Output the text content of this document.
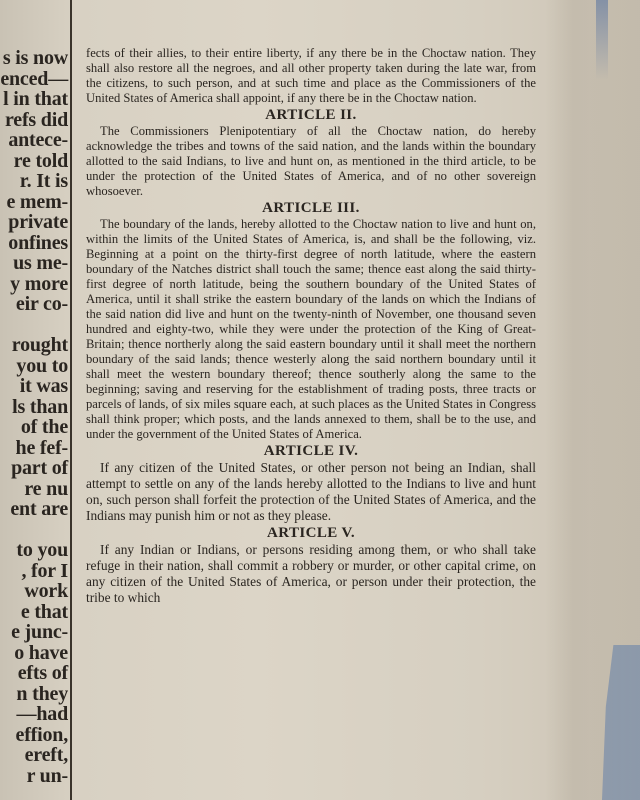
s is now
enced—
l in that
refs did
antece-
re told
r. It is
e mem-
private
onfines
us me-
y more
eir co-

rought
you to
it was
ls than
of the
he fef-
part of
re nu
ent are

to you
, for I
work
e that
e junc-
o have
efts of
n they
—had
effion,
ereft,
r un-

fects of their allies, to their entire liberty, if any there be in the Choctaw nation. They shall also restore all the negroes, and all other property taken during the late war, from the citizens, to such person, and at such time and place as the Commissioners of the United States of America shall appoint, if any there be in the Choctaw nation.

ARTICLE II.

The Commissioners Plenipotentiary of all the Choctaw nation, do hereby acknowledge the tribes and towns of the said nation, and the lands within the boundary allotted to the said Indians, to live and hunt on, as mentioned in the third article, to be under the protection of the United States of America, and of no other sovereign whosoever.

ARTICLE III.

The boundary of the lands, hereby allotted to the Choctaw nation to live and hunt on, within the limits of the United States of America, is, and shall be the following, viz. Beginning at a point on the thirty-first degree of north latitude, where the eastern boundary of the Natches district shall touch the same; thence east along the said thirty-first degree of north latitude, being the southern boundary of the United States of America, until it shall strike the eastern boundary of the lands on which the Indians of the said nation did live and hunt on the twenty-ninth of November, one thousand seven hundred and eighty-two, while they were under the protection of the King of Great-Britain; thence northerly along the said eastern boundary until it shall meet the northern boundary of the said lands; thence westerly along the said northern boundary until it shall meet the western boundary thereof; thence southerly along the same to the beginning; saving and reserving for the establishment of trading posts, three tracts or parcels of lands, of six miles square each, at such places as the United States in Congress shall think proper; which posts, and the lands annexed to them, shall be to the use, and under the government of the United States of America.

ARTICLE IV.

If any citizen of the United States, or other person not being an Indian, shall attempt to settle on any of the lands hereby allotted to the Indians to live and hunt on, such person shall forfeit the protection of the United States of America, and the Indians may punish him or not as they please.

ARTICLE V.

If any Indian or Indians, or persons residing among them, or who shall take refuge in their nation, shall commit a robbery or murder, or other capital crime, on any citizen of the United States of America, or person under their protection, the tribe to which
